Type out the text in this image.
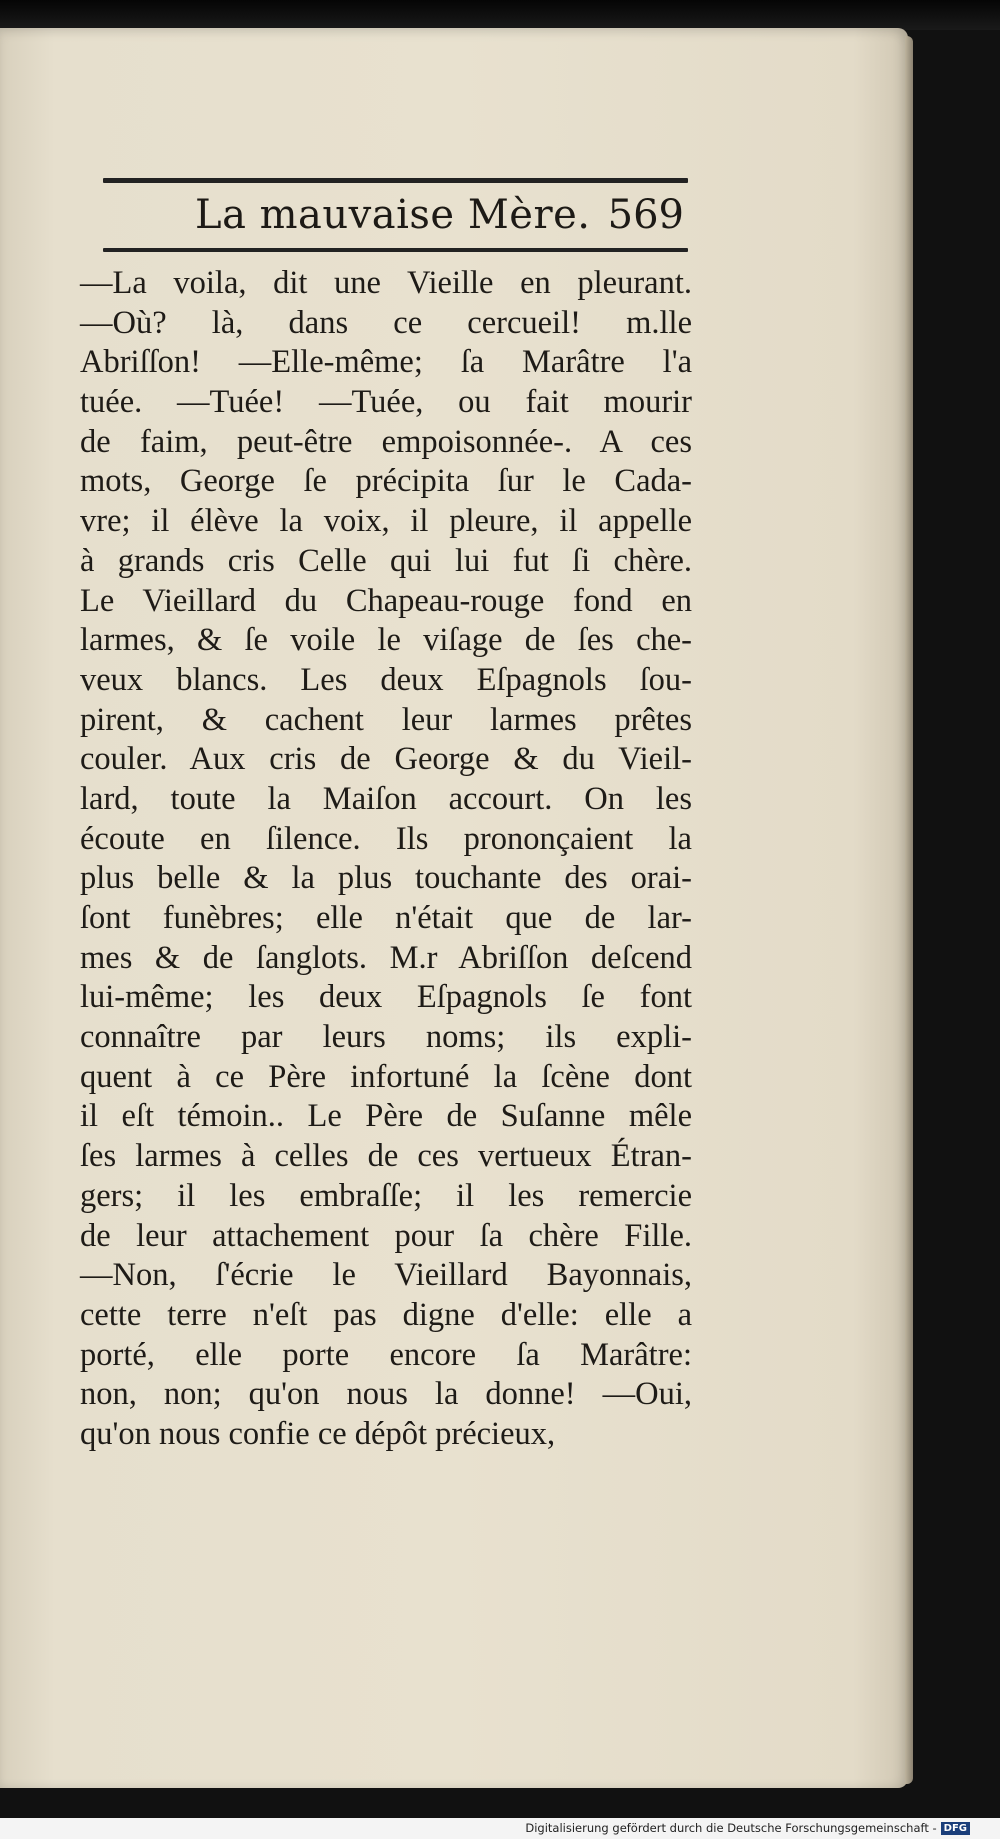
La mauvaise Mère. 569
—La voila, dit une Vieille en pleurant.
—Où? là, dans ce cercueil! m.lle
Abriſſon! —Elle-même; ſa Marâtre l'a
tuée. —Tuée! —Tuée, ou fait mourir
de faim, peut-être empoisonnée-. A ces
mots, George ſe précipita ſur le Cada-
vre; il élève la voix, il pleure, il appelle
à grands cris Celle qui lui fut ſi chère.
Le Vieillard du Chapeau-rouge fond en
larmes, & ſe voile le viſage de ſes che-
veux blancs. Les deux Eſpagnols ſou-
pirent, & cachent leur larmes prêtes
couler. Aux cris de George & du Vieil-
lard, toute la Maiſon accourt. On les
écoute en ſilence. Ils prononçaient la
plus belle & la plus touchante des orai-
ſont funèbres; elle n'était que de lar-
mes & de ſanglots. M.r Abriſſon deſcend
lui-même; les deux Eſpagnols ſe font
connaître par leurs noms; ils expli-
quent à ce Père infortuné la ſcène dont
il eſt témoin.. Le Père de Suſanne mêle
ſes larmes à celles de ces vertueux Étran-
gers; il les embraſſe; il les remercie
de leur attachement pour ſa chère Fille.
—Non, ſ'écrie le Vieillard Bayonnais,
cette terre n'eſt pas digne d'elle: elle a
porté, elle porte encore ſa Marâtre:
non, non; qu'on nous la donne! —Oui,
qu'on nous confie ce dépôt précieux,
Digitalisierung gefördert durch die Deutsche Forschungsgemeinschaft - DFG
